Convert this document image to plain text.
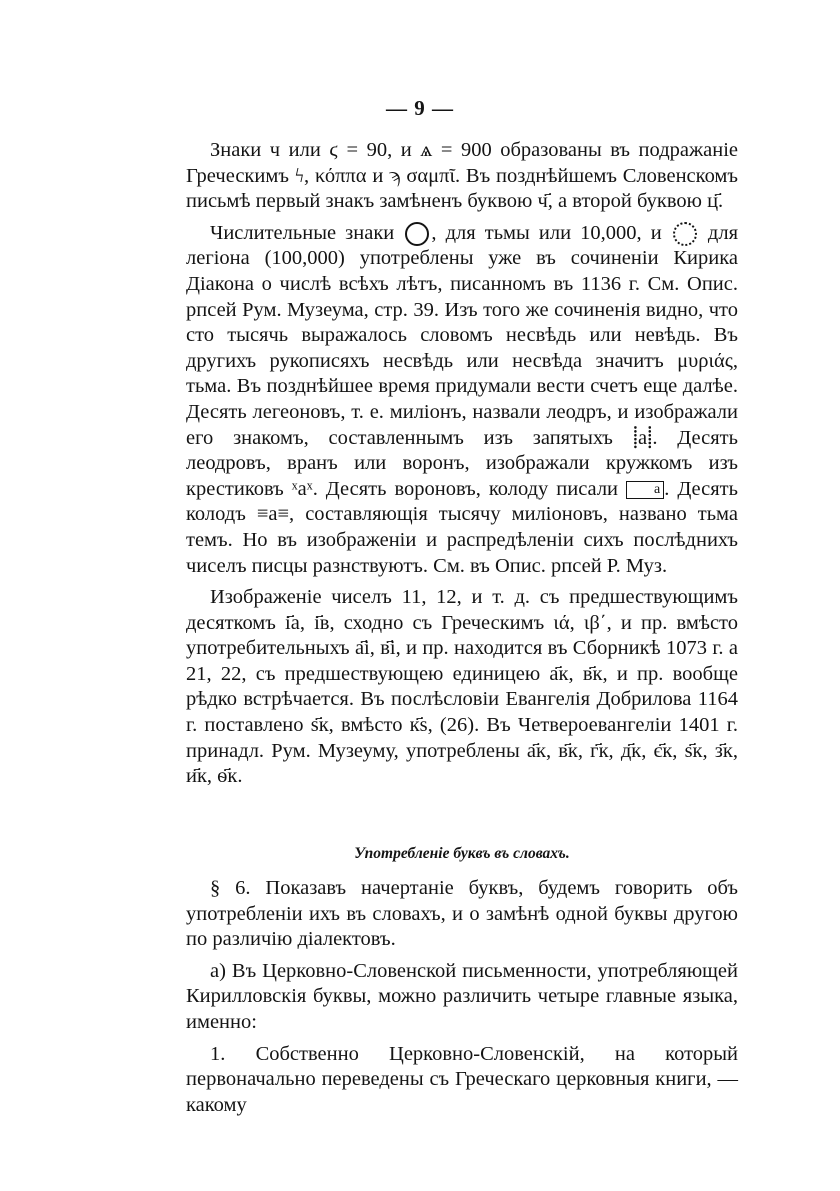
— 9 —

Знаки ч или ϛ = 90, и ѧ = 900 образованы въ подражаніе Греческимъ ϟ, κόππα и ϡ σαμπῖ. Въ позднѣйшемъ Словенскомъ письмѣ первый знакъ замѣненъ буквою ч҃, а второй буквою ц҃.

Числительные знаки , для тьмы или 10,000, и  для легіона (100,000) употреблены уже въ сочиненіи Кирика Діакона о числѣ всѣхъ лѣтъ, писанномъ въ 1136 г. См. Опис. рпсей Рум. Музеума, стр. 39. Изъ того же сочиненія видно, что сто тысячь выражалось словомъ несвѣдь или невѣдь. Въ другихъ рукописяхъ несвѣдь или несвѣда значитъ μυριάς, тьма. Въ позднѣйшее время придумали вести счетъ еще далѣе. Десять легеоновъ, т. е. миліонъ, назвали леодръ, и изображали его знакомъ, составленнымъ изъ запятыхъ ⸽а⸽. Десять леодровъ, вранъ или воронъ, изображали кружкомъ изъ крестиковъ ˣаˣ. Десять вороновъ, колоду писали а . Десять колодъ ≡а≡, составляющія тысячу миліоновъ, названо тьма темъ. Но въ изображеніи и распредѣленіи сихъ послѣднихъ чиселъ писцы разнствуютъ. См. въ Опис. рпсей Р. Муз.

Изображеніе чиселъ 11, 12, и т. д. съ предшествующимъ десяткомъ і҃а, і҃в, сходно съ Греческимъ ιά, ιβ΄, и пр. вмѣсто употребительныхъ а҃і, в҃і, и пр. находится въ Сборникѣ 1073 г. а 21, 22, съ предшествующею единицею а҃к, в҃к, и пр. вообще рѣдко встрѣчается. Въ послѣсловіи Евангелія Добрилова 1164 г. поставлено ѕ҃к, вмѣсто к҃ѕ, (26). Въ Четвероевангеліи 1401 г. принадл. Рум. Музеуму, употреблены а҃к, в҃к, г҃к, д҃к, є҃к, ѕ҃к, з҃к, и҃к, ѳ҃к.

Употребленіе буквъ въ словахъ.

§ 6. Показавъ начертаніе буквъ, будемъ говорить объ употребленіи ихъ въ словахъ, и о замѣнѣ одной буквы другою по различію діалектовъ.

а) Въ Церковно-Словенской письменности, употребляющей Кирилловскія буквы, можно различить четыре главные языка, именно:

1. Собственно Церковно-Словенскій, на который первоначально переведены съ Греческаго церковныя книги, — какому
